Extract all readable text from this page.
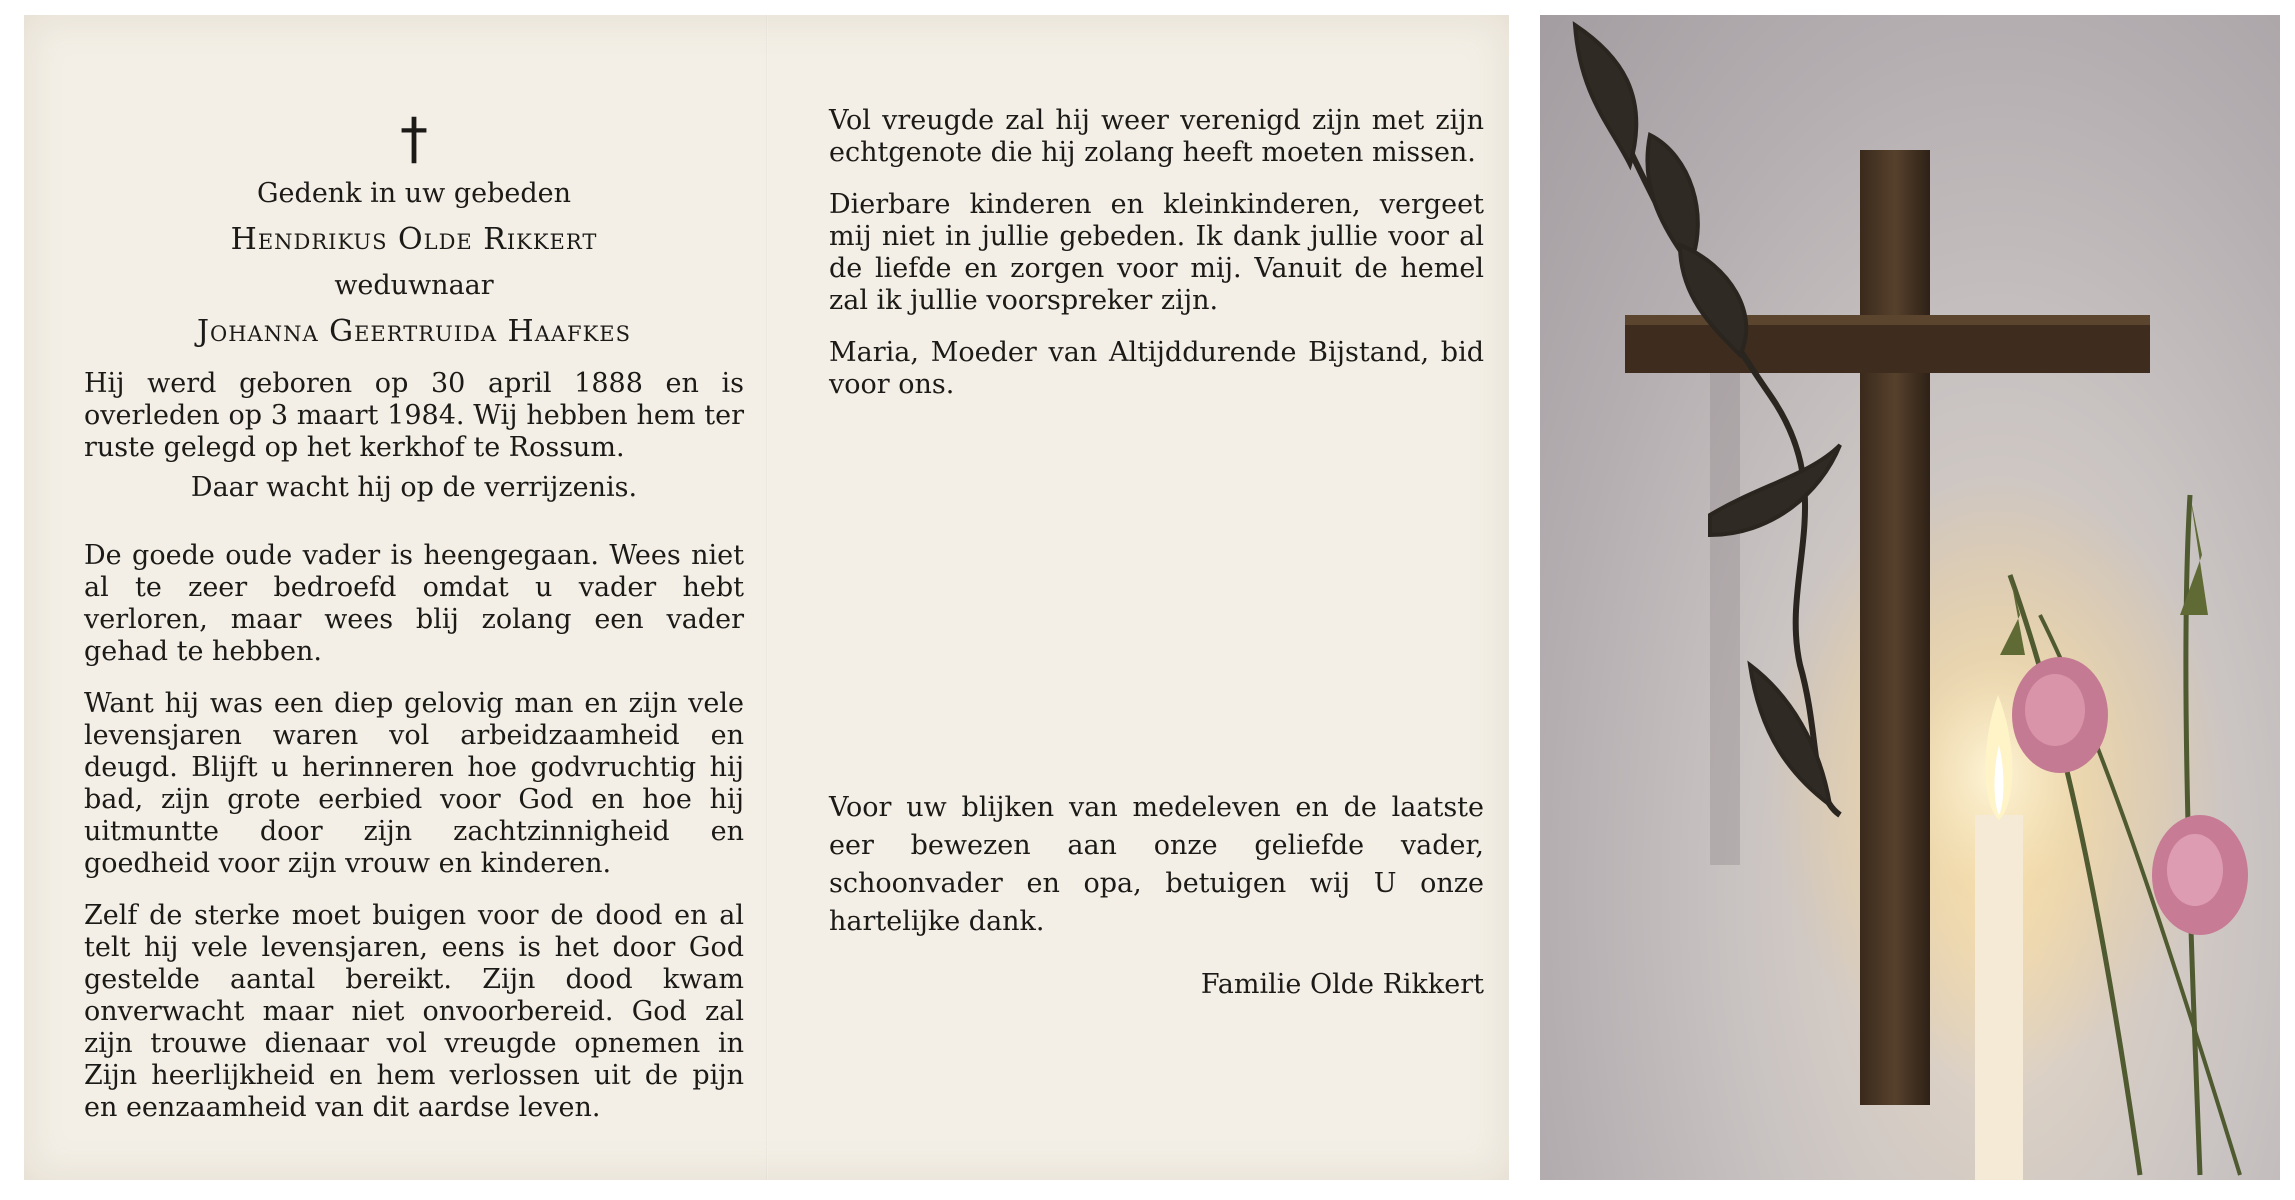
†
Gedenk in uw gebeden
Hendrikus Olde Rikkert
weduwnaar
Johanna Geertruida Haafkes

Hij werd geboren op 30 april 1888 en is overleden op 3 maart 1984. Wij hebben hem ter ruste gelegd op het kerkhof te Rossum.

Daar wacht hij op de verrijzenis.

De goede oude vader is heengegaan. Wees niet al te zeer bedroefd omdat u vader hebt verloren, maar wees blij zolang een vader gehad te hebben.

Want hij was een diep gelovig man en zijn vele levensjaren waren vol arbeidzaamheid en deugd. Blijft u herinneren hoe godvruchtig hij bad, zijn grote eerbied voor God en hoe hij uitmuntte door zijn zachtzinnigheid en goedheid voor zijn vrouw en kinderen.

Zelf de sterke moet buigen voor de dood en al telt hij vele levensjaren, eens is het door God gestelde aantal bereikt. Zijn dood kwam onverwacht maar niet onvoorbereid. God zal zijn trouwe dienaar vol vreugde opnemen in Zijn heerlijkheid en hem verlossen uit de pijn en eenzaamheid van dit aardse leven.

Vol vreugde zal hij weer verenigd zijn met zijn echtgenote die hij zolang heeft moeten missen.

Dierbare kinderen en kleinkinderen, vergeet mij niet in jullie gebeden. Ik dank jullie voor al de liefde en zorgen voor mij. Vanuit de hemel zal ik jullie voorspreker zijn.

Maria, Moeder van Altijddurende Bijstand, bid voor ons.

Voor uw blijken van medeleven en de laatste eer bewezen aan onze geliefde vader, schoonvader en opa, betuigen wij U onze hartelijke dank.

Familie Olde Rikkert
